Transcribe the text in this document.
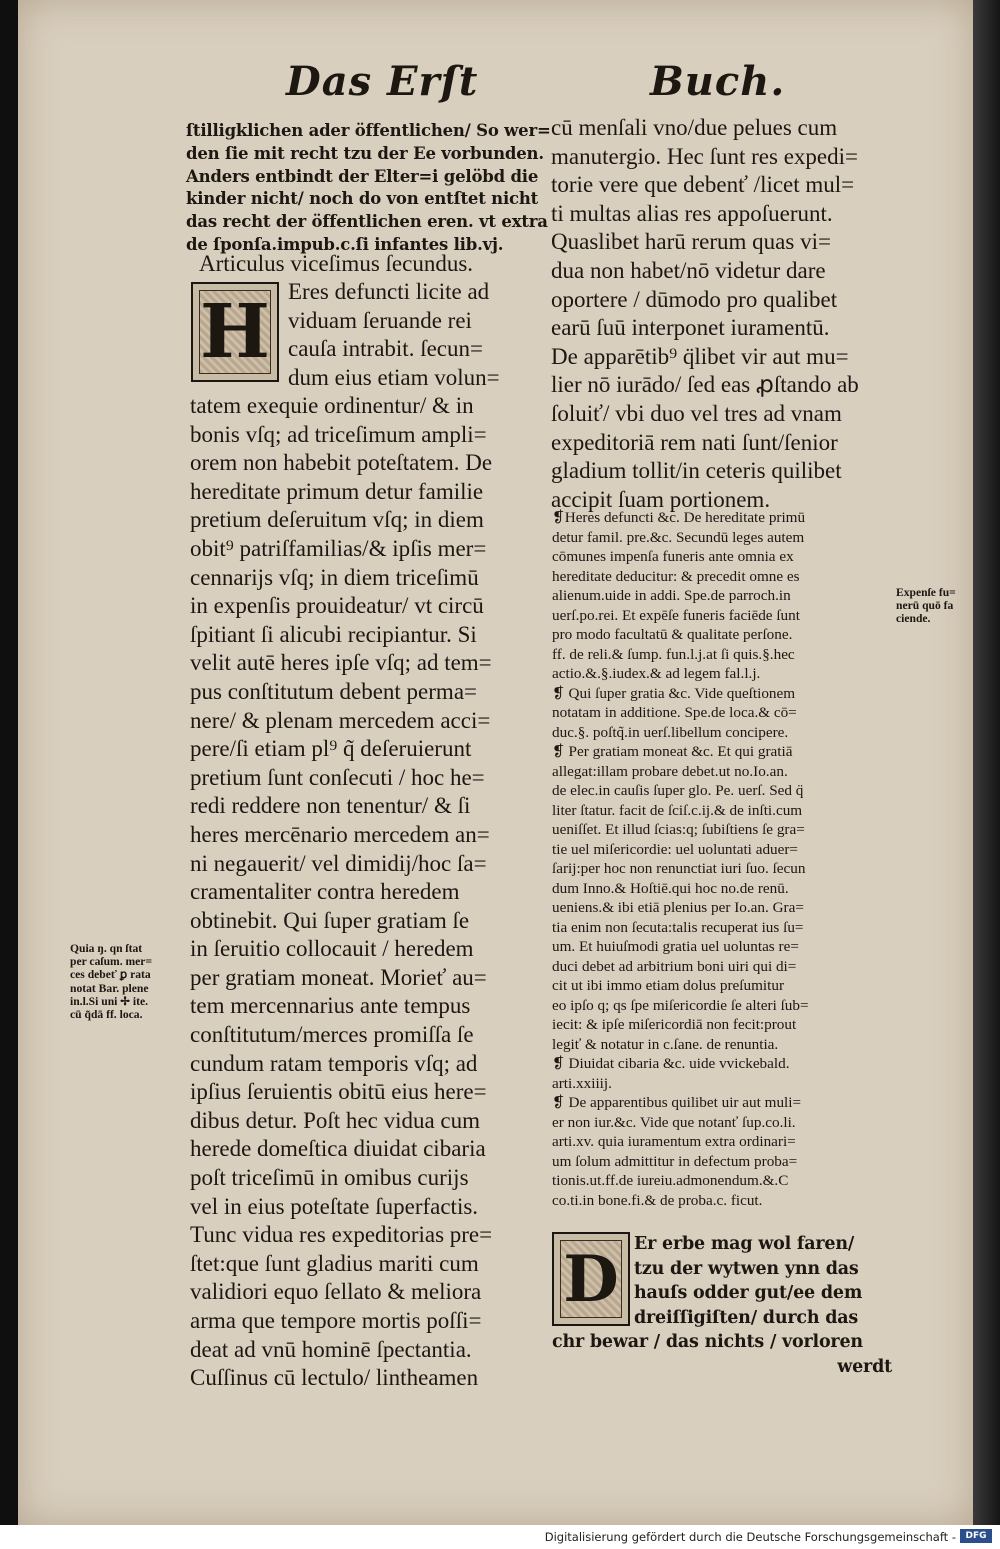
Das Erſt	Buch.
ſtilligklichen ader öffentlichen/ So wer=
den ſie mit recht tzu der Ee vorbunden.
Anders entbindt der Elter=i gelöbd die
kinder nicht/ noch do von entſtet nicht
das recht der öffentlichen eren. vt extra
de ſponſa.impub.c.ſi infantes lib.vj.
Articulus viceſimus ſecundus.
H Eres defuncti licite ad
viduam ſeruande rei
cauſa intrabit. ſecun=
dum eius etiam volun=
tatem exequie ordinentur/ & in
bonis vſq; ad triceſimum ampli=
orem non habebit poteſtatem. De
hereditate primum detur familie
pretium deſeruitum vſq; in diem
obit⁹ patriſfamilias/& ipſis mer=
cennarijs vſq; in diem triceſimū
in expenſis prouideatur/ vt circū
ſpitiant ſi alicubi recipiantur. Si
velit autē heres ipſe vſq; ad tem=
pus conſtitutum debent perma=
nere/ & plenam mercedem acci=
pere/ſi etiam pl⁹ q̃ deſeruierunt
pretium ſunt conſecuti / hoc he=
redi reddere non tenentur/ & ſi
heres mercēnario mercedem an=
ni negauerit/ vel dimidij/hoc ſa=
cramentaliter contra heredem
obtinebit. Qui ſuper gratiam ſe
in ſeruitio collocauit / heredem
per gratiam moneat. Morieť au=
tem mercennarius ante tempus
conſtitutum/merces promiſſa ſe
cundum ratam temporis vſq; ad
ipſius ſeruientis obitū eius here=
dibus detur. Poſt hec vidua cum
herede domeſtica diuidat cibaria
poſt triceſimū in omibus curijs
vel in eius poteſtate ſuperfactis.
Tunc vidua res expeditorias pre=
ſtet:que ſunt gladius mariti cum
validiori equo ſellato & meliora
arma que tempore mortis poſſi=
deat ad vnū hominē ſpectantia.
Cuſſinus cū lectulo/ lintheamen
Quia ŋ. qn ſtat
per caſum. mer=
ces debeť ꝑ rata
notat Bar. plene
in.l.Si uni ✢ ite.
cū q̃dā ff. loca.
cū menſali vno/due pelues cum
manutergio. Hec ſunt res expedi=
torie vere que debenť /licet mul=
ti multas alias res appoſuerunt.
Quaslibet harū rerum quas vi=
dua non habet/nō videtur dare
oportere / dūmodo pro qualibet
earū ſuū interponet iuramentū.
De apparētib⁹ q̈libet vir aut mu=
lier nō iurādo/ ſed eas ꝓſtando ab
ſoluiť/ vbi duo vel tres ad vnam
expeditoriā rem nati ſunt/ſenior
gladium tollit/in ceteris quilibet
accipit ſuam portionem.
❡Heres defuncti &c. De hereditate primū
detur famil. pre.&c. Secundū leges autem
cōmunes impenſa funeris ante omnia ex
hereditate deducitur: & precedit omne es
alienum.uide in addi. Spe.de parroch.in
uerſ.po.rei. Et expēſe funeris faciēde ſunt
pro modo facultatū & qualitate perſone.
ff. de reli.& ſump. fun.l.j.at ſi quis.§.hec
actio.&.§.iudex.& ad legem fal.l.j.
❡ Qui ſuper gratia &c. Vide queſtionem
notatam in additione. Spe.de loca.& cō=
duc.§. poſtq̃.in uerſ.libellum concipere.
❡ Per gratiam moneat &c. Et qui gratiā
allegat:illam probare debet.ut no.Io.an.
de elec.in cauſis ſuper glo. Pe. uerſ. Sed q̈
liter ſtatur. facit de ſciſ.c.ij.& de inſti.cum
ueniſſet. Et illud ſcias:q; ſubiſtiens ſe gra=
tie uel miſericordie: uel uoluntati aduer=
ſarij:per hoc non renunctiat iuri ſuo. ſecun
dum Inno.& Hoſtiē.qui hoc no.de renū.
ueniens.& ibi etiā plenius per Io.an. Gra=
tia enim non ſecuta:talis recuperat ius ſu=
um. Et huiuſmodi gratia uel uoluntas re=
duci debet ad arbitrium boni uiri qui di=
cit ut ibi immo etiam dolus preſumitur
eo ipſo q; qs ſpe miſericordie ſe alteri ſub=
iecit: & ipſe miſericordiā non fecit:prout
legiť & notatur in c.ſane. de renuntia.
❡ Diuidat cibaria &c. uide vvickebald.
arti.xxiiij.
❡ De apparentibus quilibet uir aut muli=
er non iur.&c. Vide que notanť ſup.co.li.
arti.xv. quia iuramentum extra ordinari=
um ſolum admittitur in defectum proba=
tionis.ut.ff.de iureiu.admonendum.&.C
co.ti.in bone.fi.& de proba.c. ficut.
Expenſe fu=
nerū quō fa
ciende.
D Er erbe mag wol faren/
tzu der wytwen ynn das
hauſs odder gut/ee dem
dreiſſigiſten/ durch das
chr bewar / das nichts / vorloren
werdt
Digitalisierung gefördert durch die Deutsche Forschungsgemeinschaft -	DFG
